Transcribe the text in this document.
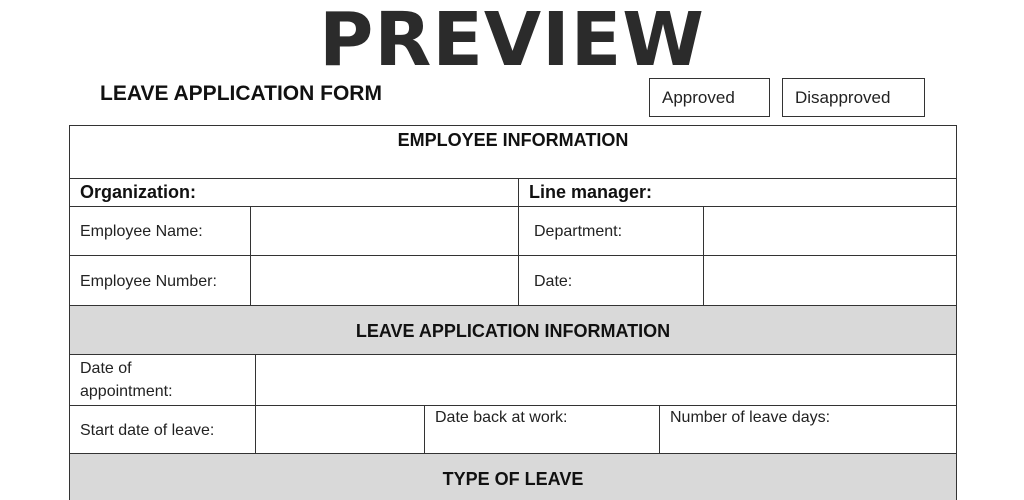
PREVIEW
LEAVE APPLICATION FORM	Approved	Disapproved
EMPLOYEE INFORMATION
Organization:	Line manager:
Employee Name:	Department:
Employee Number:	Date:
LEAVE APPLICATION INFORMATION
Date of
appointment:
Start date of leave:
Date back at work:	Number of leave days:
TYPE OF LEAVE
